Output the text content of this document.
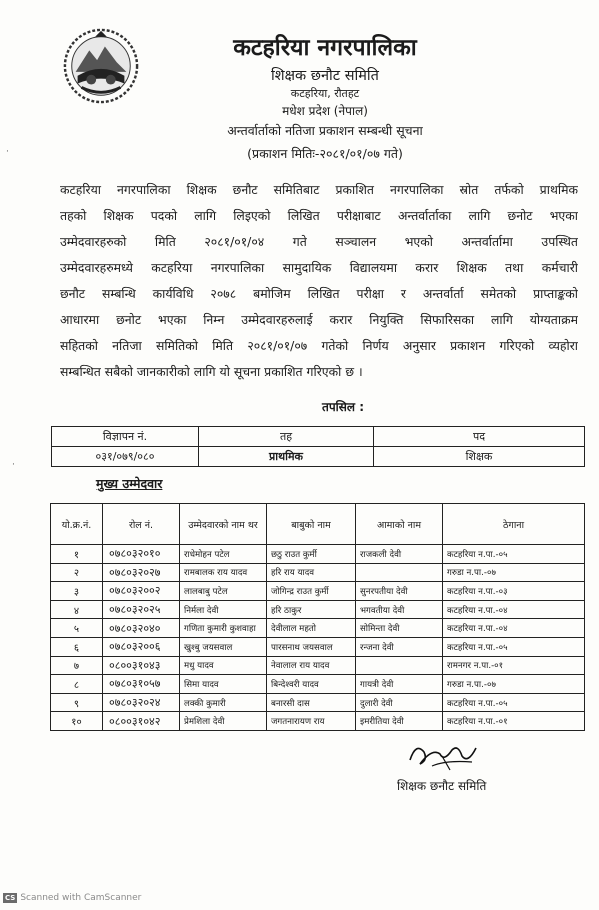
कटहरिया नगरपालिका
शिक्षक छनौट समिति
कटहरिया, रौतहट
मधेश प्रदेश (नेपाल)
अन्तर्वार्ताको नतिजा प्रकाशन सम्बन्धी सूचना
(प्रकाशन मितिः-२०८१/०१/०७ गते)
⋅
⋅
कटहरिया नगरपालिका शिक्षक छनौट समितिबाट प्रकाशित नगरपालिका स्रोत तर्फको प्राथमिक
तहको शिक्षक पदको लागि लिइएको लिखित परीक्षाबाट अन्तर्वार्ताका लागि छनोट भएका
उम्मेदवारहरुको मिति २०८१/०१/०४ गते सञ्चालन भएको अन्तर्वार्तामा उपस्थित
उम्मेदवारहरुमध्ये कटहरिया नगरपालिका सामुदायिक विद्यालयमा करार शिक्षक तथा कर्मचारी
छनौट सम्बन्धि कार्यविधि २०७८ बमोजिम लिखित परीक्षा र अन्तर्वार्ता समेतको प्राप्ताङ्कको
आधारमा छनोट भएका निम्न उम्मेदवारहरुलाई करार नियुक्ति सिफारिसका लागि योग्यताक्रम
सहितको नतिजा समितिको मिति २०८१/०१/०७ गतेको निर्णय अनुसार प्रकाशन गरिएको व्यहोरा
सम्बन्धित सबैको जानकारीको लागि यो सूचना प्रकाशित गरिएको छ ।
तपसिल :
विज्ञापन नं.	तह	पद
०३१/०७९/०८०	प्राथमिक	शिक्षक
मुख्य उम्मेदवार
यो.क्र.नं.	रोल नं.	उम्मेदवारको नाम थर	बाबुको नाम	आमाको नाम	ठेगाना
१	०७८०३२०१०	राधेमोहन पटेल	छठु राउत कुर्मी	राजकली देवी	कटहरिया न.पा.-०५
२	०७८०३२०२७	रामबालक राय यादव	हरि राय यादव		गरुडा न.पा.-०७
३	०७८०३२००२	लालबाबु पटेल	जोगिन्द्र राउत कुर्मी	सुनरपतीया देवी	कटहरिया न.पा.-०३
४	०७८०३२०२५	निर्मला देवी	हरि ठाकुर	भगवतीया देवी	कटहरिया न.पा.-०४
५	०७८०३२०४०	गणिता कुमारी कुशवाहा	देवीलाल महतो	सोमिन्ता देवी	कटहरिया न.पा.-०४
६	०७८०३२००६	खुश्बु जयसवाल	पारसनाथ जयसवाल	रन्जना देवी	कटहरिया न.पा.-०५
७	०८००३१०४३	मधु यादव	नेवालाल राय यादव		रामनगर न.पा.-०१
८	०७८०३१०५७	सिमा यादव	बिन्देश्वरी यादव	गायत्री देवी	गरुडा न.पा.-०७
९	०७८०३२०२४	लक्की कुमारी	बनारसी दास	दुलारी देवी	कटहरिया न.पा.-०५
१०	०८००३१०४२	प्रेमशिला देवी	जगतनारायण राय	इमरीतिया देवी	कटहरिया न.पा.-०१
शिक्षक छनौट समिति
CS Scanned with CamScanner
